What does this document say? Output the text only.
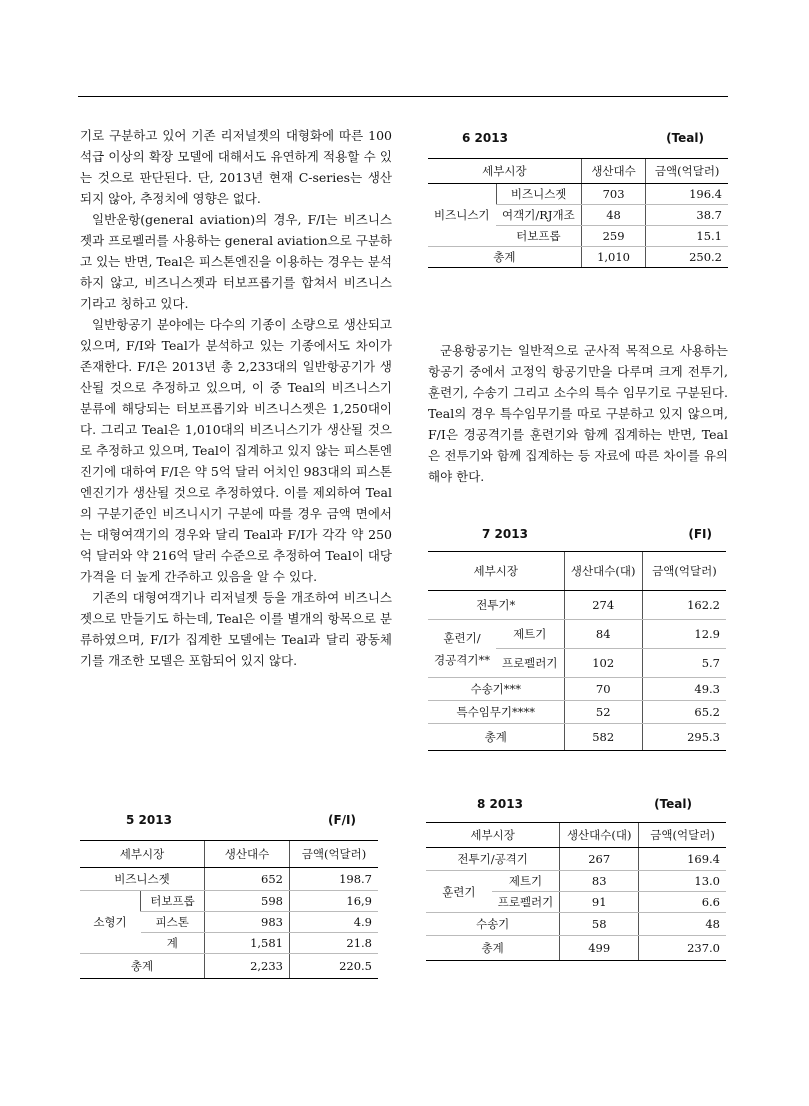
기로 구분하고 있어 기존 리저널젯의 대형화에 따른 100석급 이상의 확장 모델에 대해서도 유연하게 적용할 수 있는 것으로 판단된다. 단, 2013년 현재 C-series는 생산되지 않아, 추정치에 영향은 없다.

일반운항(general aviation)의 경우, F/I는 비즈니스젯과 프로펠러를 사용하는 general aviation으로 구분하고 있는 반면, Teal은 피스톤엔진을 이용하는 경우는 분석하지 않고, 비즈니스젯과 터보프롭기를 합쳐서 비즈니스기라고 칭하고 있다.

일반항공기 분야에는 다수의 기종이 소량으로 생산되고 있으며, F/I와 Teal가 분석하고 있는 기종에서도 차이가 존재한다. F/I은 2013년 총 2,233대의 일반항공기가 생산될 것으로 추정하고 있으며, 이 중 Teal의 비즈니스기 분류에 해당되는 터보프롭기와 비즈니스젯은 1,250대이다. 그리고 Teal은 1,010대의 비즈니스기가 생산될 것으로 추정하고 있으며, Teal이 집계하고 있지 않는 피스톤엔진기에 대하여 F/I은 약 5억 달러 어치인 983대의 피스톤 엔진기가 생산될 것으로 추정하였다. 이를 제외하여 Teal의 구분기준인 비즈니시기 구분에 따를 경우 금액 면에서는 대형여객기의 경우와 달리 Teal과 F/I가 각각 약 250억 달러와 약 216억 달러 수준으로 추정하여 Teal이 대당 가격을 더 높게 간주하고 있음을 알 수 있다.

기존의 대형여객기나 리저널젯 등을 개조하여 비즈니스젯으로 만들기도 하는데, Teal은 이를 별개의 항목으로 분류하였으며, F/I가 집계한 모델에는 Teal과 달리 광동체기를 개조한 모델은 포함되어 있지 않다.

6 2013	(Teal)
세부시장		생산대수	금액(억달러)
비즈니스기	비즈니스젯	703	196.4
	여객기/RJ개조	48	38.7
	터보프롭	259	15.1
총계		1,010	250.2

군용항공기는 일반적으로 군사적 목적으로 사용하는 항공기 중에서 고정익 항공기만을 다루며 크게 전투기, 훈련기, 수송기 그리고 소수의 특수 임무기로 구분된다. Teal의 경우 특수임무기를 따로 구분하고 있지 않으며, F/I은 경공격기를 훈련기와 함께 집계하는 반면, Teal은 전투기와 함께 집계하는 등 자료에 따른 차이를 유의해야 한다.

7 2013	(FI)
세부시장		생산대수(대)	금액(억달러)
전투기*		274	162.2
훈련기/
경공격기**	제트기	84	12.9
	프로펠러기	102	5.7
수송기***		70	49.3
특수임무기****		52	65.2
총계		582	295.3
5 2013	(F/I)
세부시장		생산대수	금액(억달러)
비즈니스젯		652	198.7
소형기	터보프롭	598	16,9
	피스톤	983	4.9
	계	1,581	21.8
총계		2,233	220.5
8 2013	(Teal)
세부시장		생산대수(대)	금액(억달러)
전투기/공격기		267	169.4
훈련기	제트기	83	13.0
	프로펠러기	91	6.6
수송기		58	48
총계		499	237.0
